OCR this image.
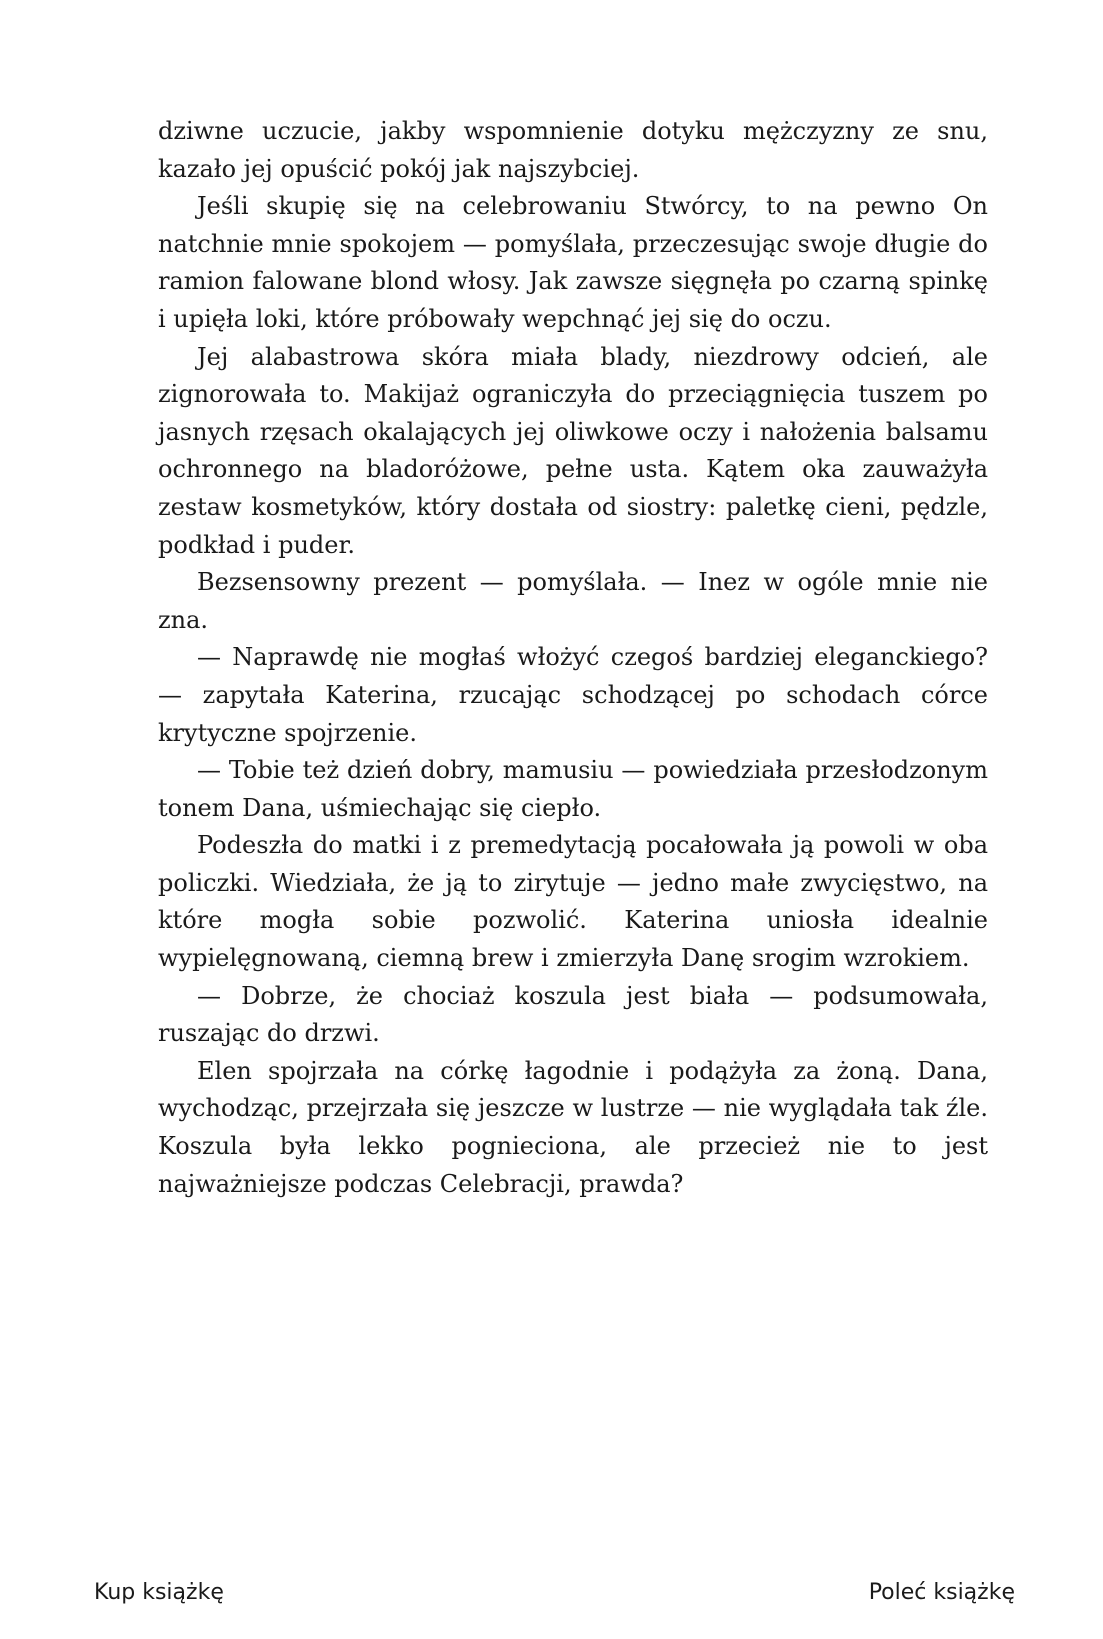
dziwne uczucie, jakby wspomnienie dotyku mężczyzny ze snu, kazało jej opuścić pokój jak najszybciej.

Jeśli skupię się na celebrowaniu Stwórcy, to na pewno On natchnie mnie spokojem — pomyślała, przeczesując swoje długie do ramion falowane blond włosy. Jak zawsze sięgnęła po czarną spinkę i upięła loki, które próbowały wepchnąć jej się do oczu.

Jej alabastrowa skóra miała blady, niezdrowy odcień, ale zignorowała to. Makijaż ograniczyła do przeciągnięcia tuszem po jasnych rzęsach okalających jej oliwkowe oczy i nałożenia balsamu ochronnego na bladoróżowe, pełne usta. Kątem oka zauważyła zestaw kosmetyków, który dostała od siostry: paletkę cieni, pędzle, podkład i puder.

Bezsensowny prezent — pomyślała. — Inez w ogóle mnie nie zna.

— Naprawdę nie mogłaś włożyć czegoś bardziej eleganckiego? — zapytała Katerina, rzucając schodzącej po schodach córce krytyczne spojrzenie.

— Tobie też dzień dobry, mamusiu — powiedziała przesłodzonym tonem Dana, uśmiechając się ciepło.

Podeszła do matki i z premedytacją pocałowała ją powoli w oba policzki. Wiedziała, że ją to zirytuje — jedno małe zwycięstwo, na które mogła sobie pozwolić. Katerina uniosła idealnie wypielęgnowaną, ciemną brew i zmierzyła Danę srogim wzrokiem.

— Dobrze, że chociaż koszula jest biała — podsumowała, ruszając do drzwi.

Elen spojrzała na córkę łagodnie i podążyła za żoną. Dana, wychodząc, przejrzała się jeszcze w lustrze — nie wyglądała tak źle. Koszula była lekko pognieciona, ale przecież nie to jest najważniejsze podczas Celebracji, prawda?

Kup książkę	Poleć książkę
